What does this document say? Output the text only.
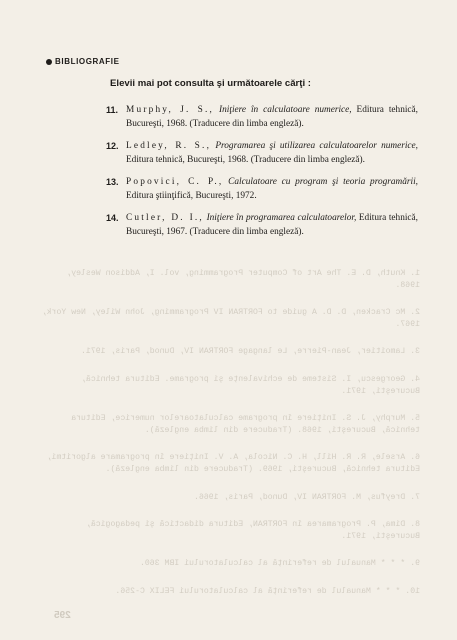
BIBLIOGRAFIE
Elevii mai pot consulta şi următoarele cărţi :
11. Murphy, J. S., Iniţiere în calculatoare numerice, Editura tehnică, Bucureşti, 1968. (Traducere din limba engleză).
12. Ledley, R. S., Programarea şi utilizarea calculatoarelor numerice, Editura tehnică, Bucureşti, 1968. (Traducere din limba engleză).
13. Popovici, C. P., Calculatoare cu program şi teoria programării, Editura ştiinţifică, Bucureşti, 1972.
14. Cutler, D. I., Iniţiere în programarea calculatoarelor, Editura tehnică, Bucureşti, 1967. (Traducere din limba engleză).
1. Knuth, D. E. The Art of Computer Programming, vol. I, Addison Wesley, 1968.
2. Mc Cracken, D. D. A guide to FORTRAN IV Programming, John Wiley, New York, 1967.
3. Lamoitier, Jean-Pierre, Le langage FORTRAN IV, Dunod, Paris, 1971.
4. Georgescu, I. Sisteme de echivalenţe şi programe. Editura tehnică, Bucureşti, 1971.
5. Murphy, J. S. Iniţiere în programe calculatoarelor numerice, Editura tehnică, Bucureşti, 1968. (Traducere din limba engleză).
6. Arsele, R. R. Hill, H. C. Nicola, A. V. Iniţiere în programare algoritmi, Editura tehnică, Bucureşti, 1969. (Traducere din limba engleză).
7. Dreyfus, M. FORTRAN IV, Dunod, Paris, 1966.
8. Dima, P. Programarea în FORTRAN, Editura didactică şi pedagogică, Bucureşti, 1971.
9. * * * Manualul de referinţă al calculatorului IBM 360.
10. * * * Manualul de referinţă al calculatorului FELIX C-256.
295
